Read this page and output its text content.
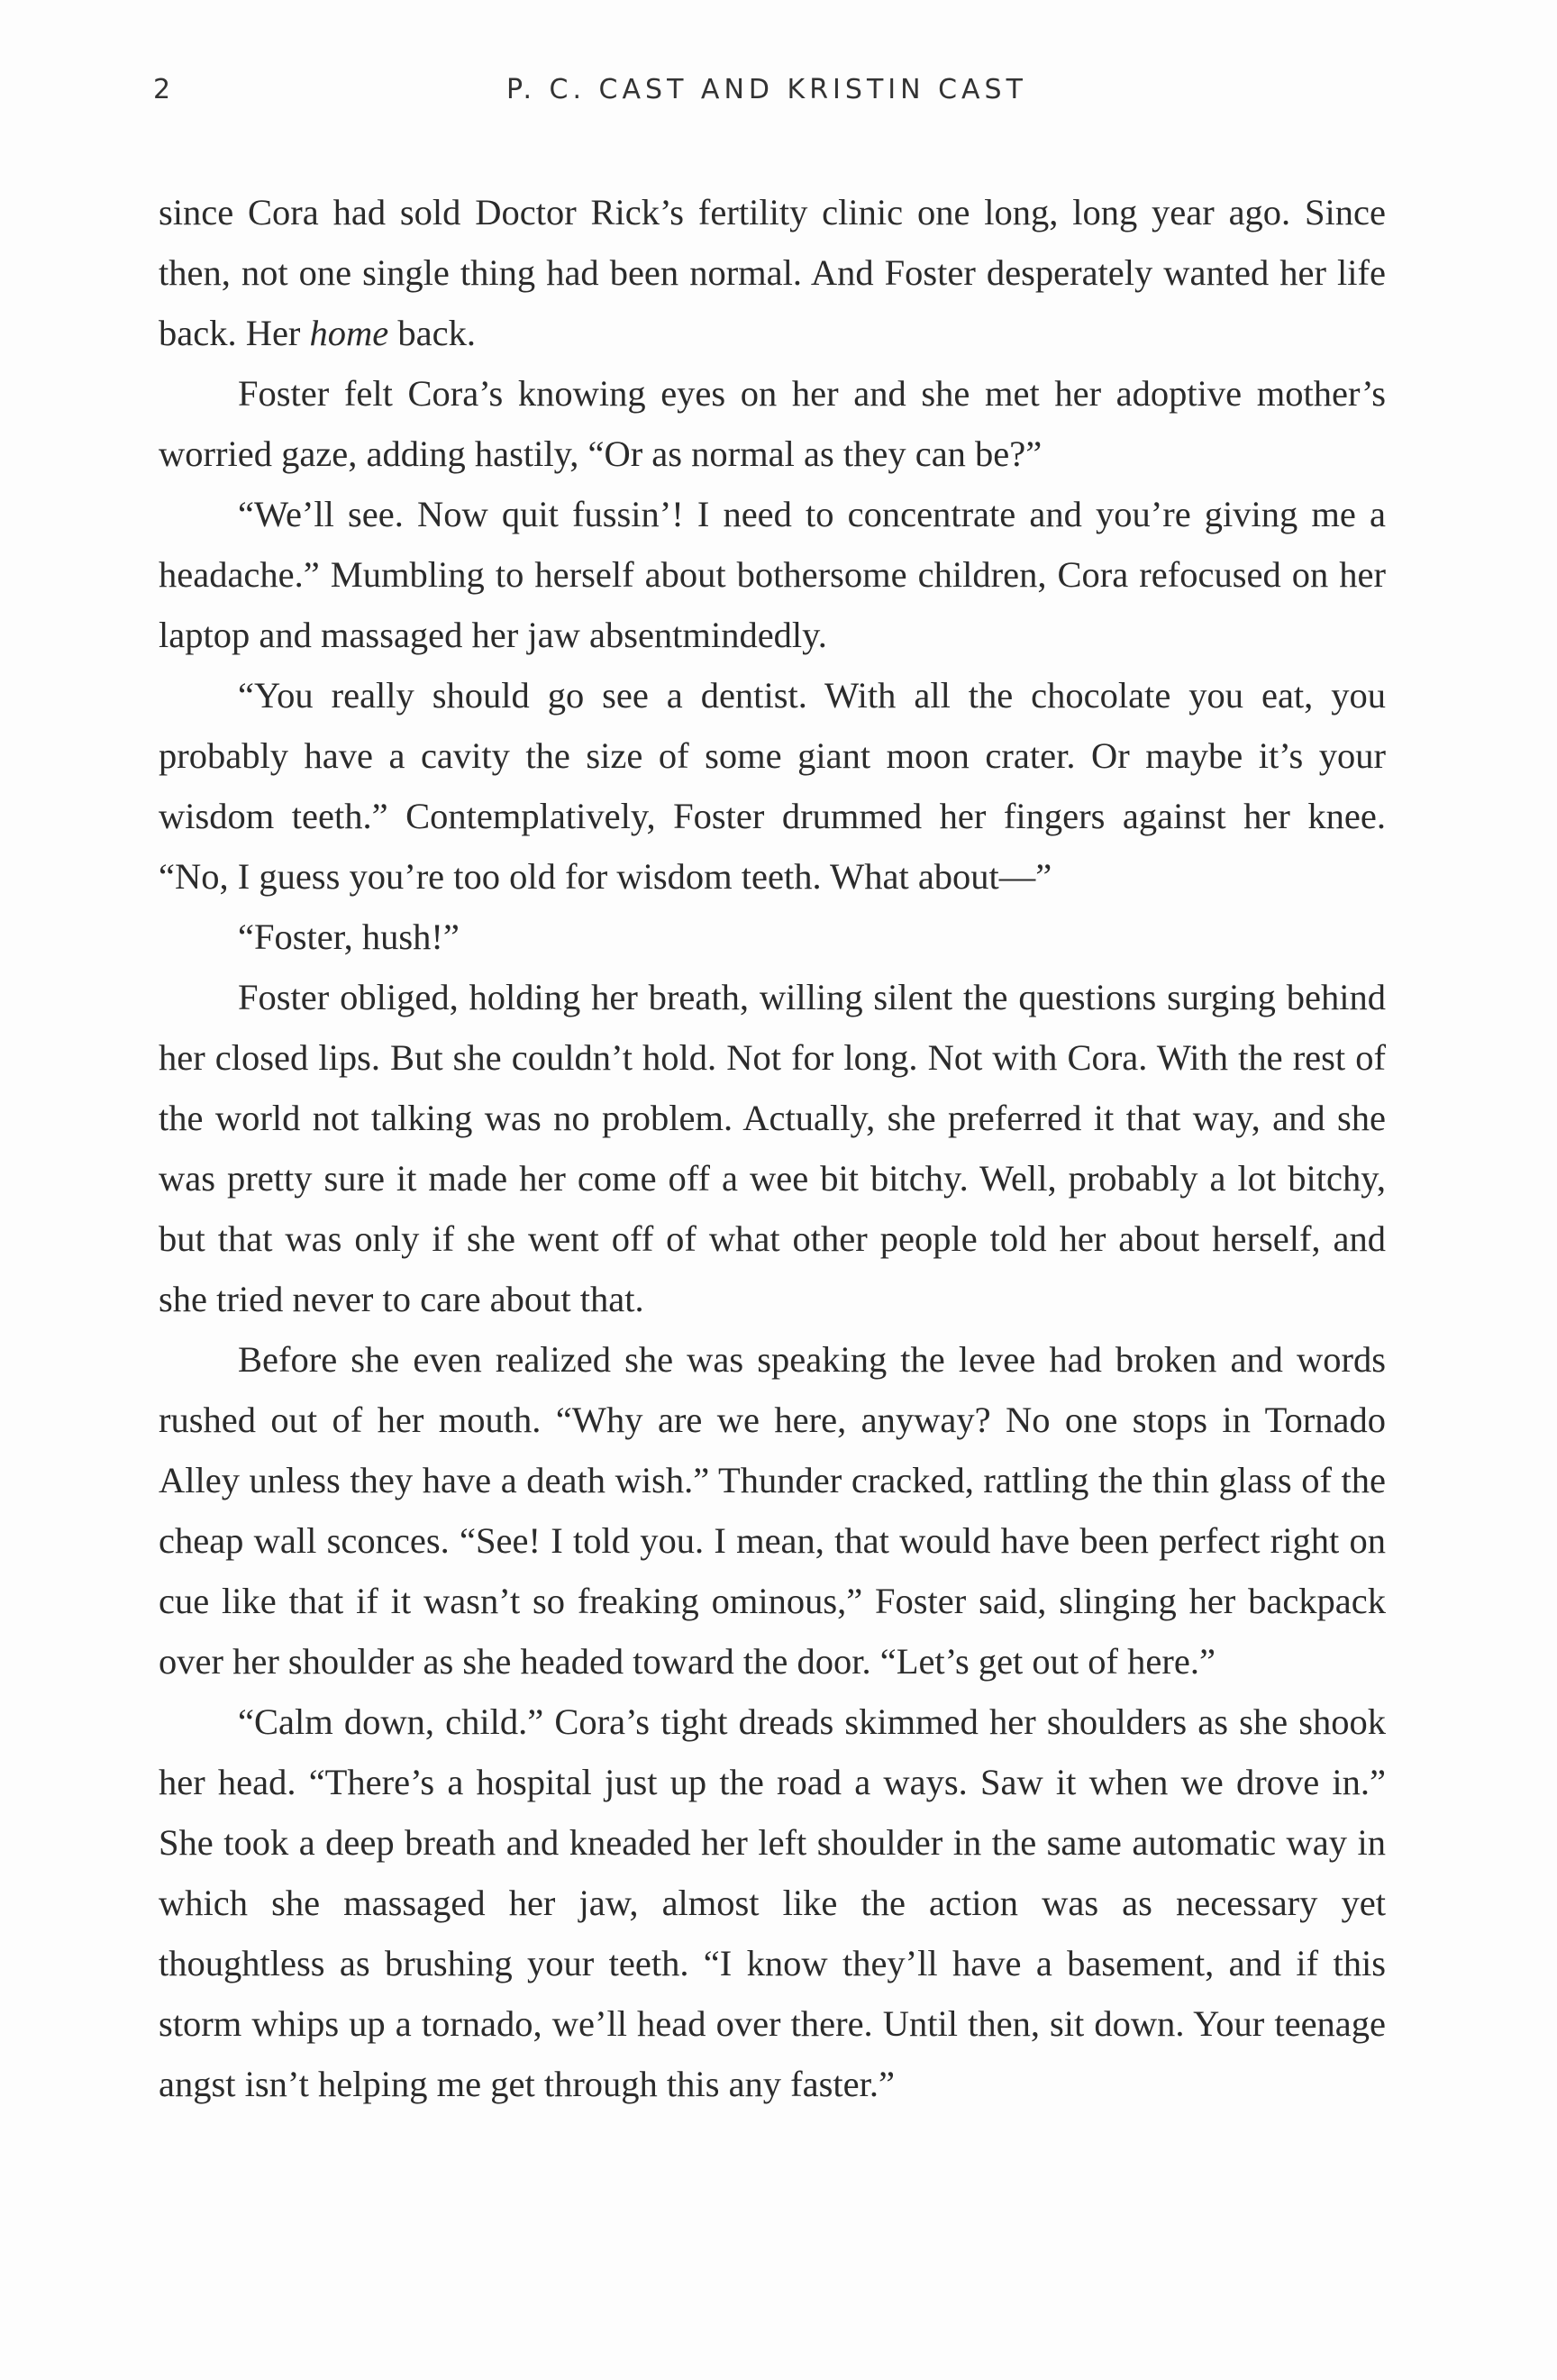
2	P. C. CAST AND KRISTIN CAST

since Cora had sold Doctor Rick’s fertility clinic one long, long year ago. Since then, not one single thing had been normal. And Foster desperately wanted her life back. Her home back.

Foster felt Cora’s knowing eyes on her and she met her adoptive mother’s worried gaze, adding hastily, “Or as normal as they can be?”

“We’ll see. Now quit fussin’! I need to concentrate and you’re giving me a headache.” Mumbling to herself about bothersome children, Cora refocused on her laptop and massaged her jaw absentmindedly.

“You really should go see a dentist. With all the chocolate you eat, you probably have a cavity the size of some giant moon crater. Or maybe it’s your wisdom teeth.” Contemplatively, Foster drummed her fingers against her knee. “No, I guess you’re too old for wisdom teeth. What about—”

“Foster, hush!”

Foster obliged, holding her breath, willing silent the questions surging behind her closed lips. But she couldn’t hold. Not for long. Not with Cora. With the rest of the world not talking was no problem. Actually, she preferred it that way, and she was pretty sure it made her come off a wee bit bitchy. Well, probably a lot bitchy, but that was only if she went off of what other people told her about herself, and she tried never to care about that.

Before she even realized she was speaking the levee had broken and words rushed out of her mouth. “Why are we here, anyway? No one stops in Tornado Alley unless they have a death wish.” Thunder cracked, rattling the thin glass of the cheap wall sconces. “See! I told you. I mean, that would have been perfect right on cue like that if it wasn’t so freaking ominous,” Foster said, slinging her backpack over her shoulder as she headed toward the door. “Let’s get out of here.”

“Calm down, child.” Cora’s tight dreads skimmed her shoulders as she shook her head. “There’s a hospital just up the road a ways. Saw it when we drove in.” She took a deep breath and kneaded her left shoulder in the same automatic way in which she massaged her jaw, almost like the action was as necessary yet thoughtless as brushing your teeth. “I know they’ll have a basement, and if this storm whips up a tornado, we’ll head over there. Until then, sit down. Your teenage angst isn’t helping me get through this any faster.”
